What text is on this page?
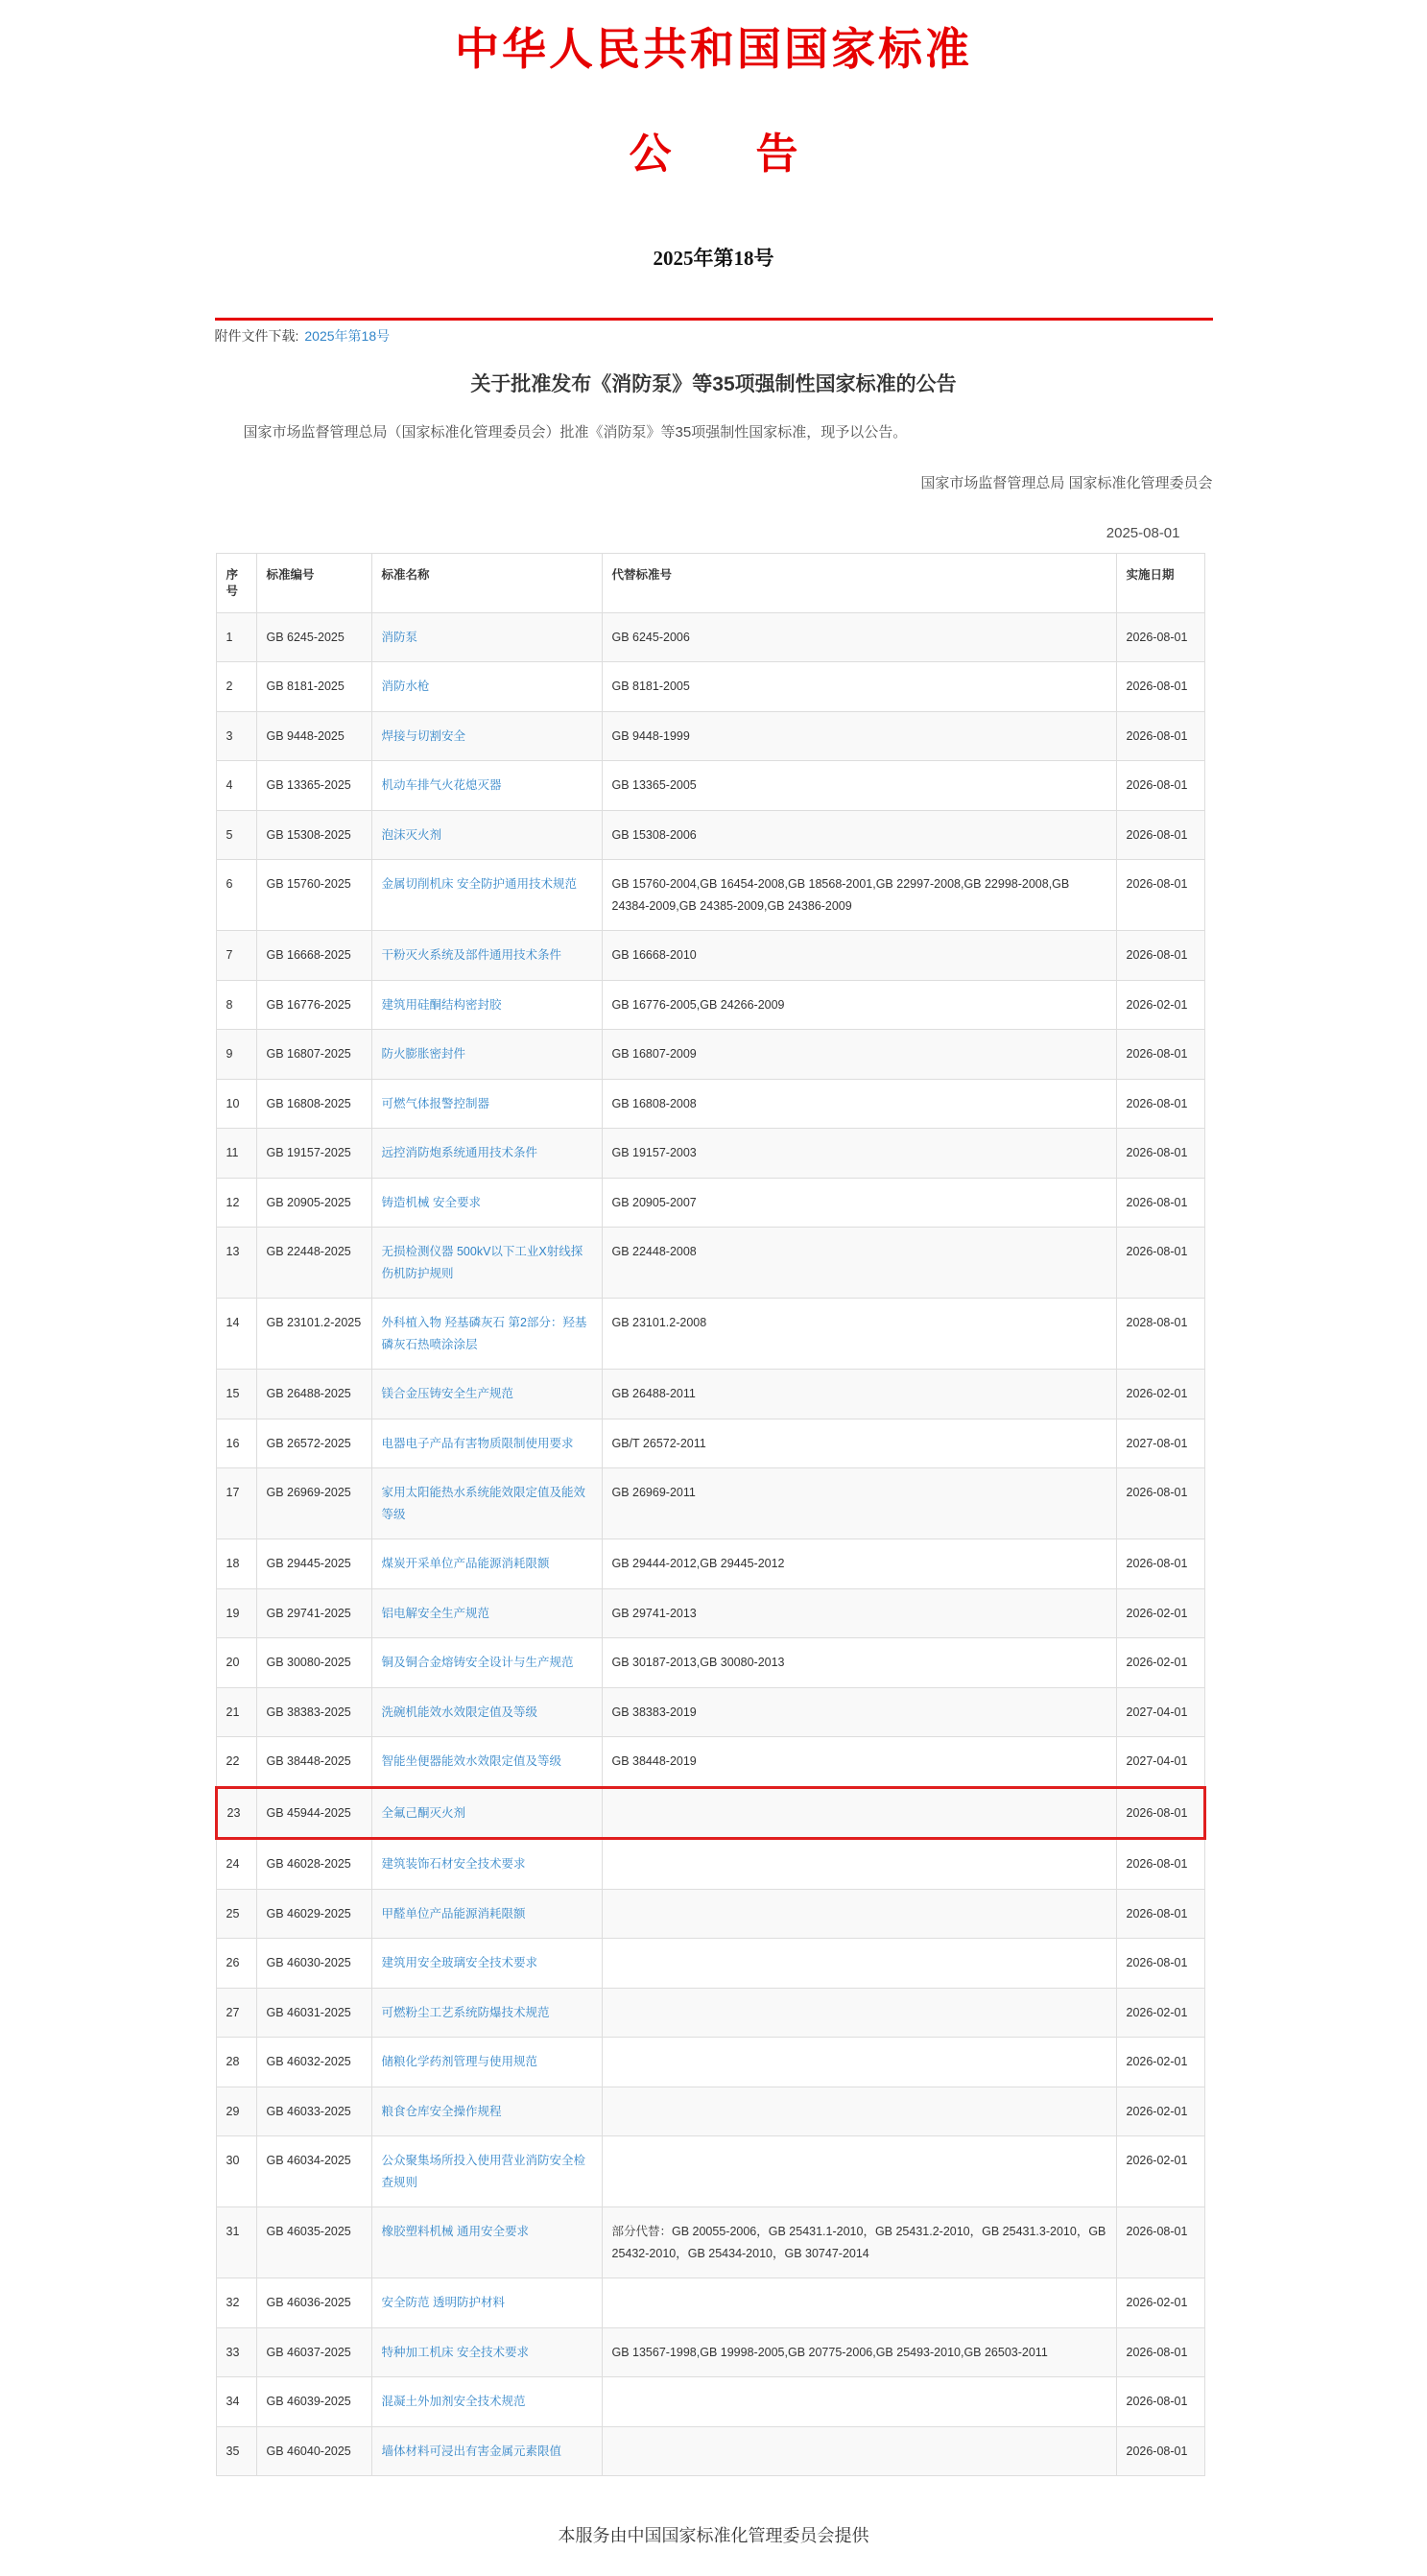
中华人民共和国国家标准
公　　告
2025年第18号
附件文件下载: 2025年第18号
关于批准发布《消防泵》等35项强制性国家标准的公告

国家市场监督管理总局（国家标准化管理委员会）批准《消防泵》等35项强制性国家标准，现予以公告。

国家市场监督管理总局 国家标准化管理委员会
2025-08-01
序号	标准编号	标准名称	代替标准号	实施日期
1	GB 6245-2025	消防泵	GB 6245-2006	2026-08-01
2	GB 8181-2025	消防水枪	GB 8181-2005	2026-08-01
3	GB 9448-2025	焊接与切割安全	GB 9448-1999	2026-08-01
4	GB 13365-2025	机动车排气火花熄灭器	GB 13365-2005	2026-08-01
5	GB 15308-2025	泡沫灭火剂	GB 15308-2006	2026-08-01
6	GB 15760-2025	金属切削机床 安全防护通用技术规范	GB 15760-2004,GB 16454-2008,GB 18568-2001,GB 22997-2008,GB 22998-2008,GB 24384-2009,GB 24385-2009,GB 24386-2009	2026-08-01
7	GB 16668-2025	干粉灭火系统及部件通用技术条件	GB 16668-2010	2026-08-01
8	GB 16776-2025	建筑用硅酮结构密封胶	GB 16776-2005,GB 24266-2009	2026-02-01
9	GB 16807-2025	防火膨胀密封件	GB 16807-2009	2026-08-01
10	GB 16808-2025	可燃气体报警控制器	GB 16808-2008	2026-08-01
11	GB 19157-2025	远控消防炮系统通用技术条件	GB 19157-2003	2026-08-01
12	GB 20905-2025	铸造机械 安全要求	GB 20905-2007	2026-08-01
13	GB 22448-2025	无损检测仪器 500kV以下工业X射线探伤机防护规则	GB 22448-2008	2026-08-01
14	GB 23101.2-2025	外科植入物 羟基磷灰石 第2部分：羟基磷灰石热喷涂涂层	GB 23101.2-2008	2028-08-01
15	GB 26488-2025	镁合金压铸安全生产规范	GB 26488-2011	2026-02-01
16	GB 26572-2025	电器电子产品有害物质限制使用要求	GB/T 26572-2011	2027-08-01
17	GB 26969-2025	家用太阳能热水系统能效限定值及能效等级	GB 26969-2011	2026-08-01
18	GB 29445-2025	煤炭开采单位产品能源消耗限额	GB 29444-2012,GB 29445-2012	2026-08-01
19	GB 29741-2025	铝电解安全生产规范	GB 29741-2013	2026-02-01
20	GB 30080-2025	铜及铜合金熔铸安全设计与生产规范	GB 30187-2013,GB 30080-2013	2026-02-01
21	GB 38383-2025	洗碗机能效水效限定值及等级	GB 38383-2019	2027-04-01
22	GB 38448-2025	智能坐便器能效水效限定值及等级	GB 38448-2019	2027-04-01
23	GB 45944-2025	全氟己酮灭火剂		2026-08-01
24	GB 46028-2025	建筑装饰石材安全技术要求		2026-08-01
25	GB 46029-2025	甲醛单位产品能源消耗限额		2026-08-01
26	GB 46030-2025	建筑用安全玻璃安全技术要求		2026-08-01
27	GB 46031-2025	可燃粉尘工艺系统防爆技术规范		2026-02-01
28	GB 46032-2025	储粮化学药剂管理与使用规范		2026-02-01
29	GB 46033-2025	粮食仓库安全操作规程		2026-02-01
30	GB 46034-2025	公众聚集场所投入使用营业消防安全检查规则		2026-02-01
31	GB 46035-2025	橡胶塑料机械 通用安全要求	部分代替：GB 20055-2006，GB 25431.1-2010，GB 25431.2-2010，GB 25431.3-2010，GB 25432-2010，GB 25434-2010，GB 30747-2014	2026-08-01
32	GB 46036-2025	安全防范 透明防护材料		2026-02-01
33	GB 46037-2025	特种加工机床 安全技术要求	GB 13567-1998,GB 19998-2005,GB 20775-2006,GB 25493-2010,GB 26503-2011	2026-08-01
34	GB 46039-2025	混凝土外加剂安全技术规范		2026-08-01
35	GB 46040-2025	墙体材料可浸出有害金属元素限值		2026-08-01
本服务由中国国家标准化管理委员会提供
